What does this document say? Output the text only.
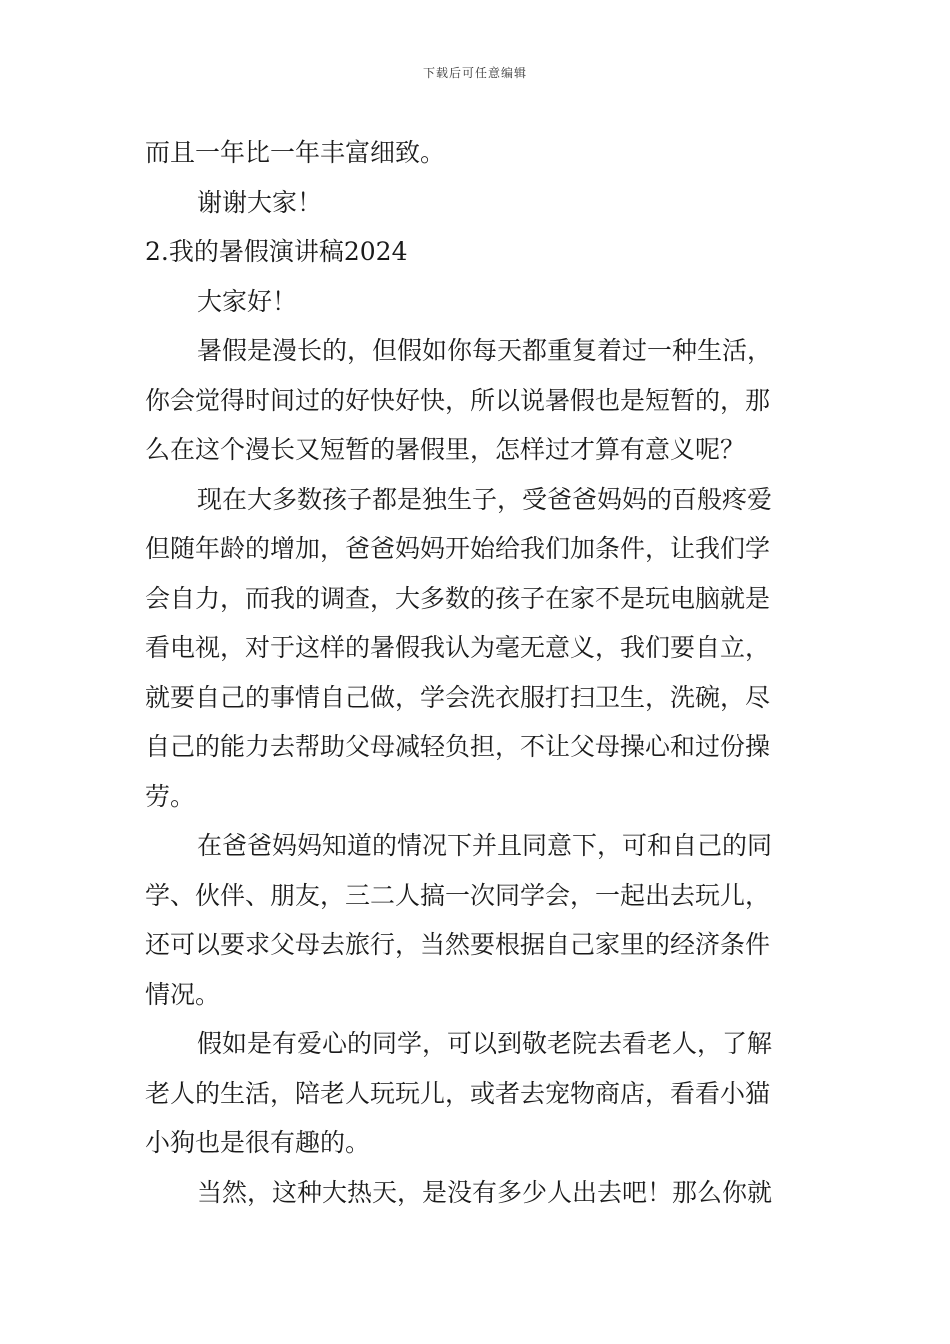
下载后可任意编辑
而且一年比一年丰富细致。
谢谢大家！
2.我的暑假演讲稿2024
大家好！
暑假是漫长的，但假如你每天都重复着过一种生活，
你会觉得时间过的好快好快，所以说暑假也是短暂的，那
么在这个漫长又短暂的暑假里，怎样过才算有意义呢？
现在大多数孩子都是独生子，受爸爸妈妈的百般疼爱
但随年龄的增加，爸爸妈妈开始给我们加条件，让我们学
会自力，而我的调查，大多数的孩子在家不是玩电脑就是
看电视，对于这样的暑假我认为毫无意义，我们要自立，
就要自己的事情自己做，学会洗衣服打扫卫生，洗碗，尽
自己的能力去帮助父母减轻负担，不让父母操心和过份操
劳。
在爸爸妈妈知道的情况下并且同意下，可和自己的同
学、伙伴、朋友，三二人搞一次同学会，一起出去玩儿，
还可以要求父母去旅行，当然要根据自己家里的经济条件
情况。
假如是有爱心的同学，可以到敬老院去看老人，了解
老人的生活，陪老人玩玩儿，或者去宠物商店，看看小猫
小狗也是很有趣的。
当然，这种大热天，是没有多少人出去吧！那么你就
